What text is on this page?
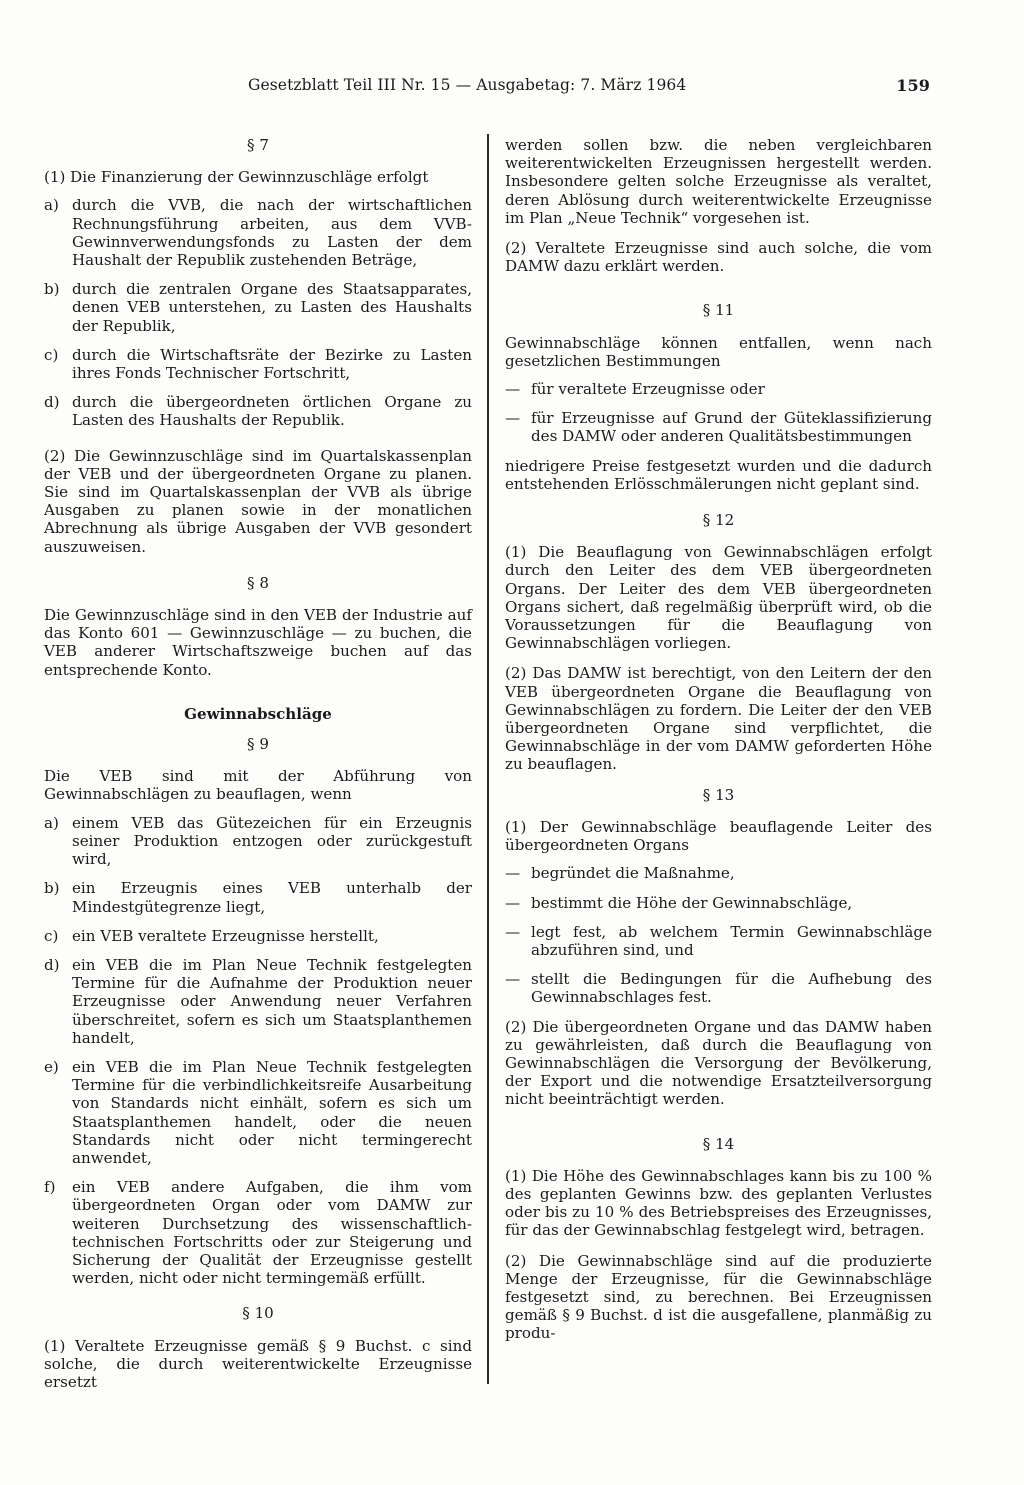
Gesetzblatt Teil III Nr. 15 — Ausgabetag: 7. März 1964	159
§ 7

(1) Die Finanzierung der Gewinnzuschläge erfolgt

a) durch die VVB, die nach der wirtschaftlichen Rechnungsführung arbeiten, aus dem VVB-Gewinnverwendungsfonds zu Lasten der dem Haushalt der Republik zustehenden Beträge,
b) durch die zentralen Organe des Staatsapparates, denen VEB unterstehen, zu Lasten des Haushalts der Republik,
c) durch die Wirtschaftsräte der Bezirke zu Lasten ihres Fonds Technischer Fortschritt,
d) durch die übergeordneten örtlichen Organe zu Lasten des Haushalts der Republik.

(2) Die Gewinnzuschläge sind im Quartalskassenplan der VEB und der übergeordneten Organe zu planen. Sie sind im Quartalskassenplan der VVB als übrige Ausgaben zu planen sowie in der monatlichen Abrechnung als übrige Ausgaben der VVB gesondert auszuweisen.

§ 8

Die Gewinnzuschläge sind in den VEB der Industrie auf das Konto 601 — Gewinnzuschläge — zu buchen, die VEB anderer Wirtschaftszweige buchen auf das entsprechende Konto.

Gewinnabschläge
§ 9

Die VEB sind mit der Abführung von Gewinnabschlägen zu beauflagen, wenn

a) einem VEB das Gütezeichen für ein Erzeugnis seiner Produktion entzogen oder zurückgestuft wird,
b) ein Erzeugnis eines VEB unterhalb der Mindestgütegrenze liegt,
c) ein VEB veraltete Erzeugnisse herstellt,
d) ein VEB die im Plan Neue Technik festgelegten Termine für die Aufnahme der Produktion neuer Erzeugnisse oder Anwendung neuer Verfahren überschreitet, sofern es sich um Staatsplanthemen handelt,
e) ein VEB die im Plan Neue Technik festgelegten Termine für die verbindlichkeitsreife Ausarbeitung von Standards nicht einhält, sofern es sich um Staatsplanthemen handelt, oder die neuen Standards nicht oder nicht termingerecht anwendet,
f)	ein VEB andere Aufgaben, die ihm vom übergeordneten Organ oder vom DAMW zur weiteren Durchsetzung des wissenschaftlich-technischen Fortschritts oder zur Steigerung und Sicherung der Qualität der Erzeugnisse gestellt werden, nicht oder nicht termingemäß erfüllt.
§ 10

(1) Veraltete Erzeugnisse gemäß § 9 Buchst. c sind solche, die durch weiterentwickelte Erzeugnisse ersetzt

werden sollen bzw. die neben vergleichbaren weiterentwickelten Erzeugnissen hergestellt werden. Insbesondere gelten solche Erzeugnisse als veraltet, deren Ablösung durch weiterentwickelte Erzeugnisse im Plan „Neue Technik“ vorgesehen ist.

(2) Veraltete Erzeugnisse sind auch solche, die vom DAMW dazu erklärt werden.

§ 11

Gewinnabschläge können entfallen, wenn nach gesetzlichen Bestimmungen

— für veraltete Erzeugnisse oder
— für Erzeugnisse auf Grund der Güteklassifizierung des DAMW oder anderen Qualitätsbestimmungen

niedrigere Preise festgesetzt wurden und die dadurch entstehenden Erlösschmälerungen nicht geplant sind.

§ 12

(1) Die Beauflagung von Gewinnabschlägen erfolgt durch den Leiter des dem VEB übergeordneten Organs. Der Leiter des dem VEB übergeordneten Organs sichert, daß regelmäßig überprüft wird, ob die Voraussetzungen für die Beauflagung von Gewinnabschlägen vorliegen.

(2) Das DAMW ist berechtigt, von den Leitern der den VEB übergeordneten Organe die Beauflagung von Gewinnabschlägen zu fordern. Die Leiter der den VEB übergeordneten Organe sind verpflichtet, die Gewinnabschläge in der vom DAMW geforderten Höhe zu beauflagen.

§ 13

(1) Der Gewinnabschläge beauflagende Leiter des übergeordneten Organs

— begründet die Maßnahme,
— bestimmt die Höhe der Gewinnabschläge,
— legt fest, ab welchem Termin Gewinnabschläge abzuführen sind, und
— stellt die Bedingungen für die Aufhebung des Gewinnabschlages fest.

(2) Die übergeordneten Organe und das DAMW haben zu gewährleisten, daß durch die Beauflagung von Gewinnabschlägen die Versorgung der Bevölkerung, der Export und die notwendige Ersatzteilversorgung nicht beeinträchtigt werden.

§ 14

(1) Die Höhe des Gewinnabschlages kann bis zu 100 % des geplanten Gewinns bzw. des geplanten Verlustes oder bis zu 10 % des Betriebspreises des Erzeugnisses, für das der Gewinnabschlag festgelegt wird, betragen.

(2) Die Gewinnabschläge sind auf die produzierte Menge der Erzeugnisse, für die Gewinnabschläge festgesetzt sind, zu berechnen. Bei Erzeugnissen gemäß § 9 Buchst. d ist die ausgefallene, planmäßig zu produ-
